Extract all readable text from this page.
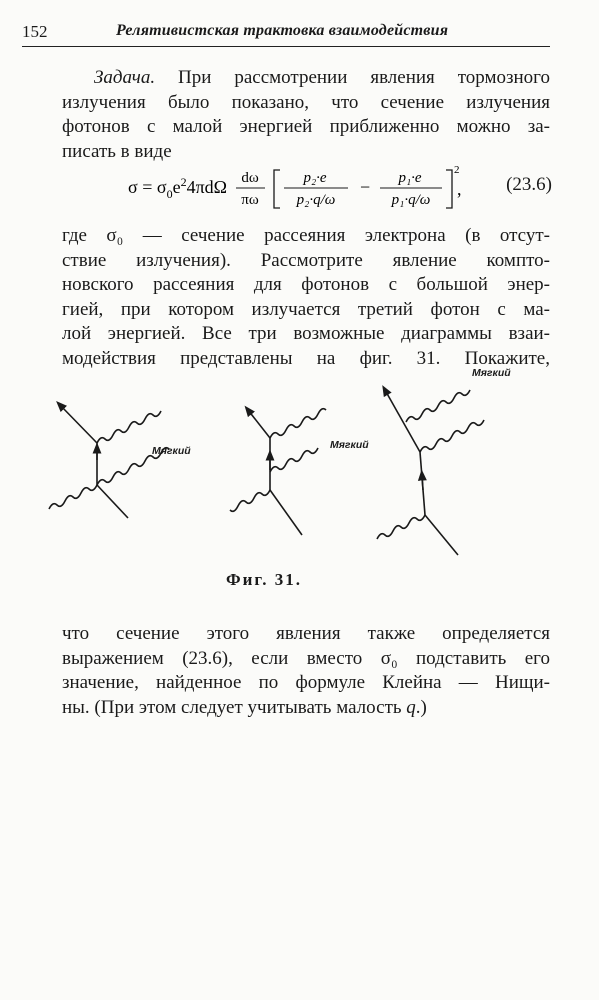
152	Релятивистская трактовка взаимодействия
Задача. При рассмотрении явления тормозного
излучения было показано, что сечение излучения
фотонов с малой энергией приближенно можно за-
писать в виде
$\sigma = \sigma_0e^24\pi d\Omega$ dω
πω
p₂·e
p₂·q/ω
− p₁·e
p₁·q/ω
2
, (23.6)
где σ₀ — сечение рассеяния электрона (в отсут-
ствие излучения). Рассмотрите явление компто-
новского рассеяния для фотонов с большой энер-
гией, при котором излучается третий фотон с ма-
лой энергией. Все три возможные диаграммы взаи-
модействия представлены на фиг. 31. Покажите,
Мягкий	Мягкий
Мягкий
Фиг. 31.
что сечение этого явления также определяется
выражением (23.6), если вместо σ₀ подставить его
значение, найденное по формуле Клейна — Нищи-
ны. (При этом следует учитывать малость q.)
